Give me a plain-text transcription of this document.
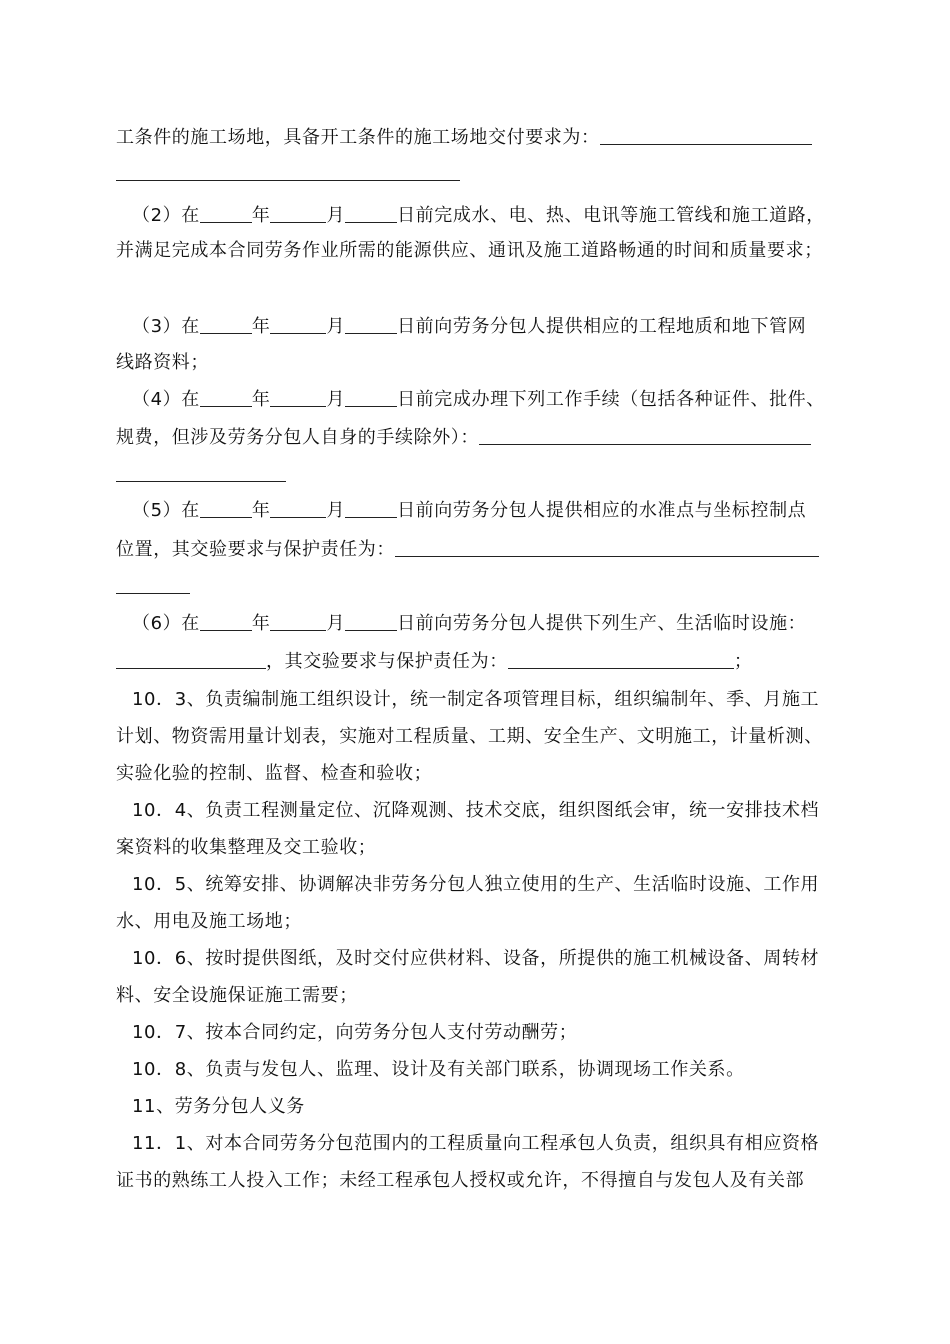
工条件的施工场地，具备开工条件的施工场地交付要求为：
（2）在	年	月	日前完成水、电、热、电讯等施工管线和施工道路，
并满足完成本合同劳务作业所需的能源供应、通讯及施工道路畅通的时间和质量要求；
（3）在	年	月	日前向劳务分包人提供相应的工程地质和地下管网
线路资料；
（4）在	年	月	日前完成办理下列工作手续（包括各种证件、批件、
规费，但涉及劳务分包人自身的手续除外）：
（5）在	年	月	日前向劳务分包人提供相应的水准点与坐标控制点
位置，其交验要求与保护责任为：
（6）在	年	月	日前向劳务分包人提供下列生产、生活临时设施：
，其交验要求与保护责任为：	；
10．3、负责编制施工组织设计，统一制定各项管理目标，组织编制年、季、月施工
计划、物资需用量计划表，实施对工程质量、工期、安全生产、文明施工，计量析测、
实验化验的控制、监督、检查和验收；
10．4、负责工程测量定位、沉降观测、技术交底，组织图纸会审，统一安排技术档
案资料的收集整理及交工验收；
10．5、统筹安排、协调解决非劳务分包人独立使用的生产、生活临时设施、工作用
水、用电及施工场地；
10．6、按时提供图纸，及时交付应供材料、设备，所提供的施工机械设备、周转材
料、安全设施保证施工需要；
10．7、按本合同约定，向劳务分包人支付劳动酬劳；
10．8、负责与发包人、监理、设计及有关部门联系，协调现场工作关系。
11、劳务分包人义务
11．1、对本合同劳务分包范围内的工程质量向工程承包人负责，组织具有相应资格
证书的熟练工人投入工作；未经工程承包人授权或允许，不得擅自与发包人及有关部
